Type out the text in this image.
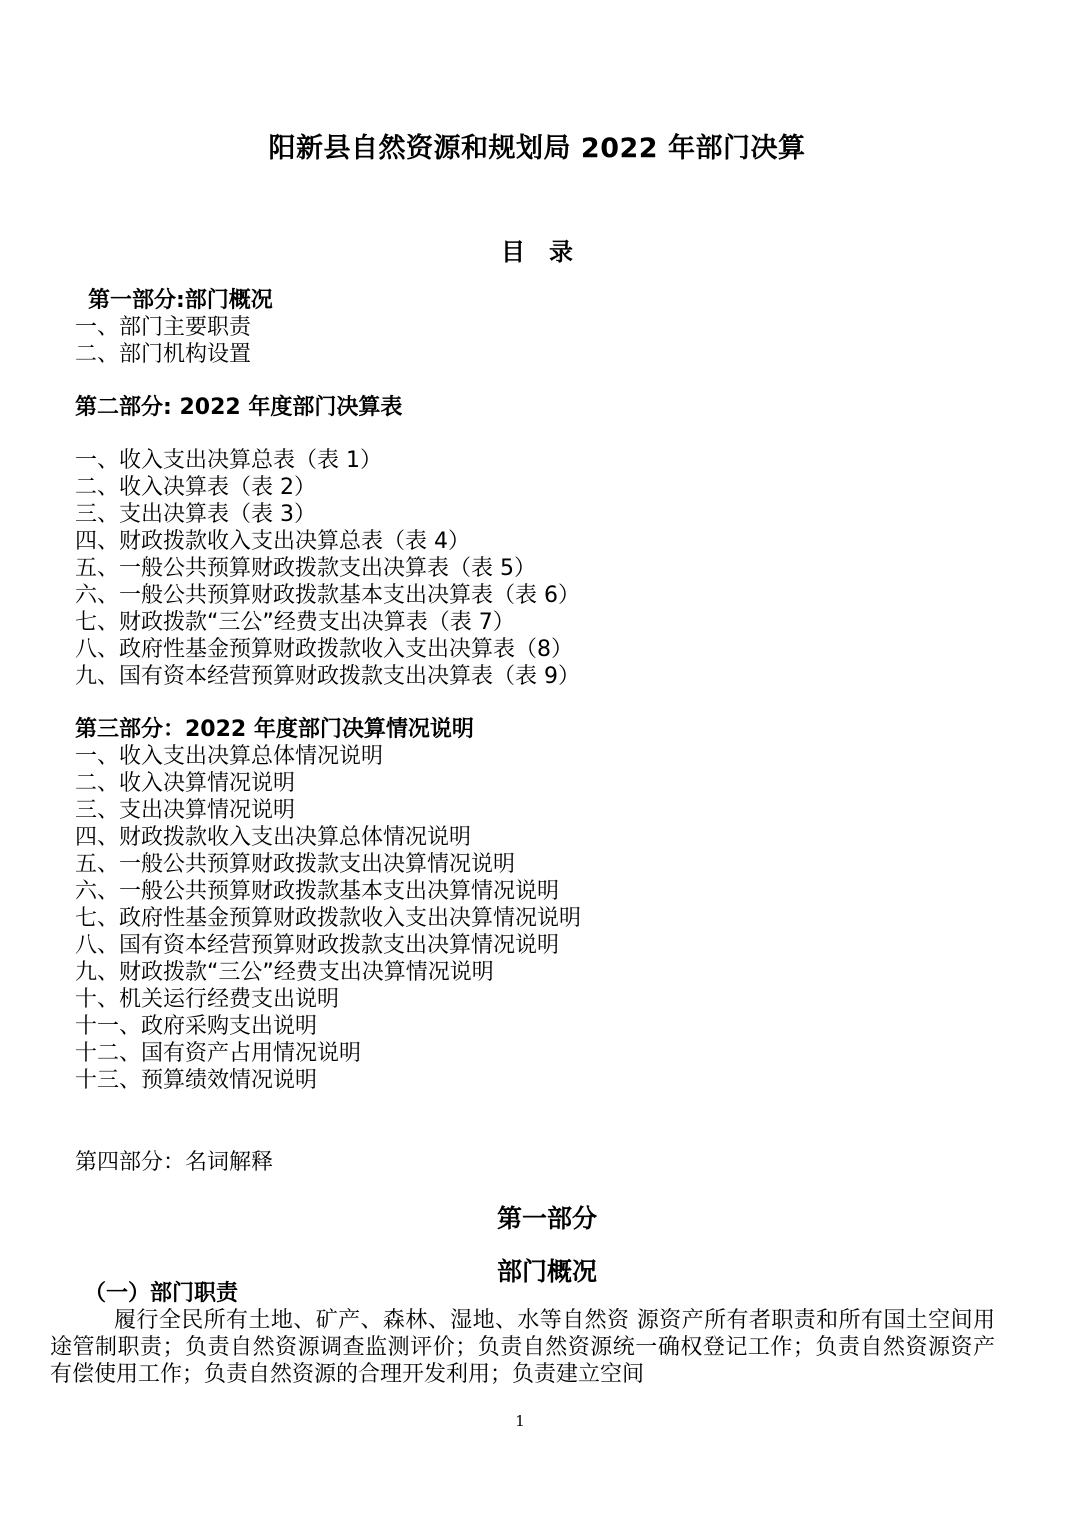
阳新县自然资源和规划局 2022 年部门决算
目　录
第一部分:部门概况
一、部门主要职责
二、部门机构设置
第二部分: 2022 年度部门决算表
一、收入支出决算总表（表 1）
二、收入决算表（表 2）
三、支出决算表（表 3）
四、财政拨款收入支出决算总表（表 4）
五、一般公共预算财政拨款支出决算表（表 5）
六、一般公共预算财政拨款基本支出决算表（表 6）
七、财政拨款“三公”经费支出决算表（表 7）
八、政府性基金预算财政拨款收入支出决算表（8）
九、国有资本经营预算财政拨款支出决算表（表 9）
第三部分：2022 年度部门决算情况说明
一、收入支出决算总体情况说明
二、收入决算情况说明
三、支出决算情况说明
四、财政拨款收入支出决算总体情况说明
五、一般公共预算财政拨款支出决算情况说明
六、一般公共预算财政拨款基本支出决算情况说明
七、政府性基金预算财政拨款收入支出决算情况说明
八、国有资本经营预算财政拨款支出决算情况说明
九、财政拨款“三公”经费支出决算情况说明
十、机关运行经费支出说明
十一、政府采购支出说明
十二、国有资产占用情况说明
十三、预算绩效情况说明
第四部分：名词解释
第一部分
部门概况
（一）部门职责
履行全民所有土地、矿产、森林、湿地、水等自然资 源资产所有者职责和所有国土空间用途管制职责；负责自然资源调查监测评价；负责自然资源统一确权登记工作；负责自然资源资产有偿使用工作；负责自然资源的合理开发利用；负责建立空间
1
